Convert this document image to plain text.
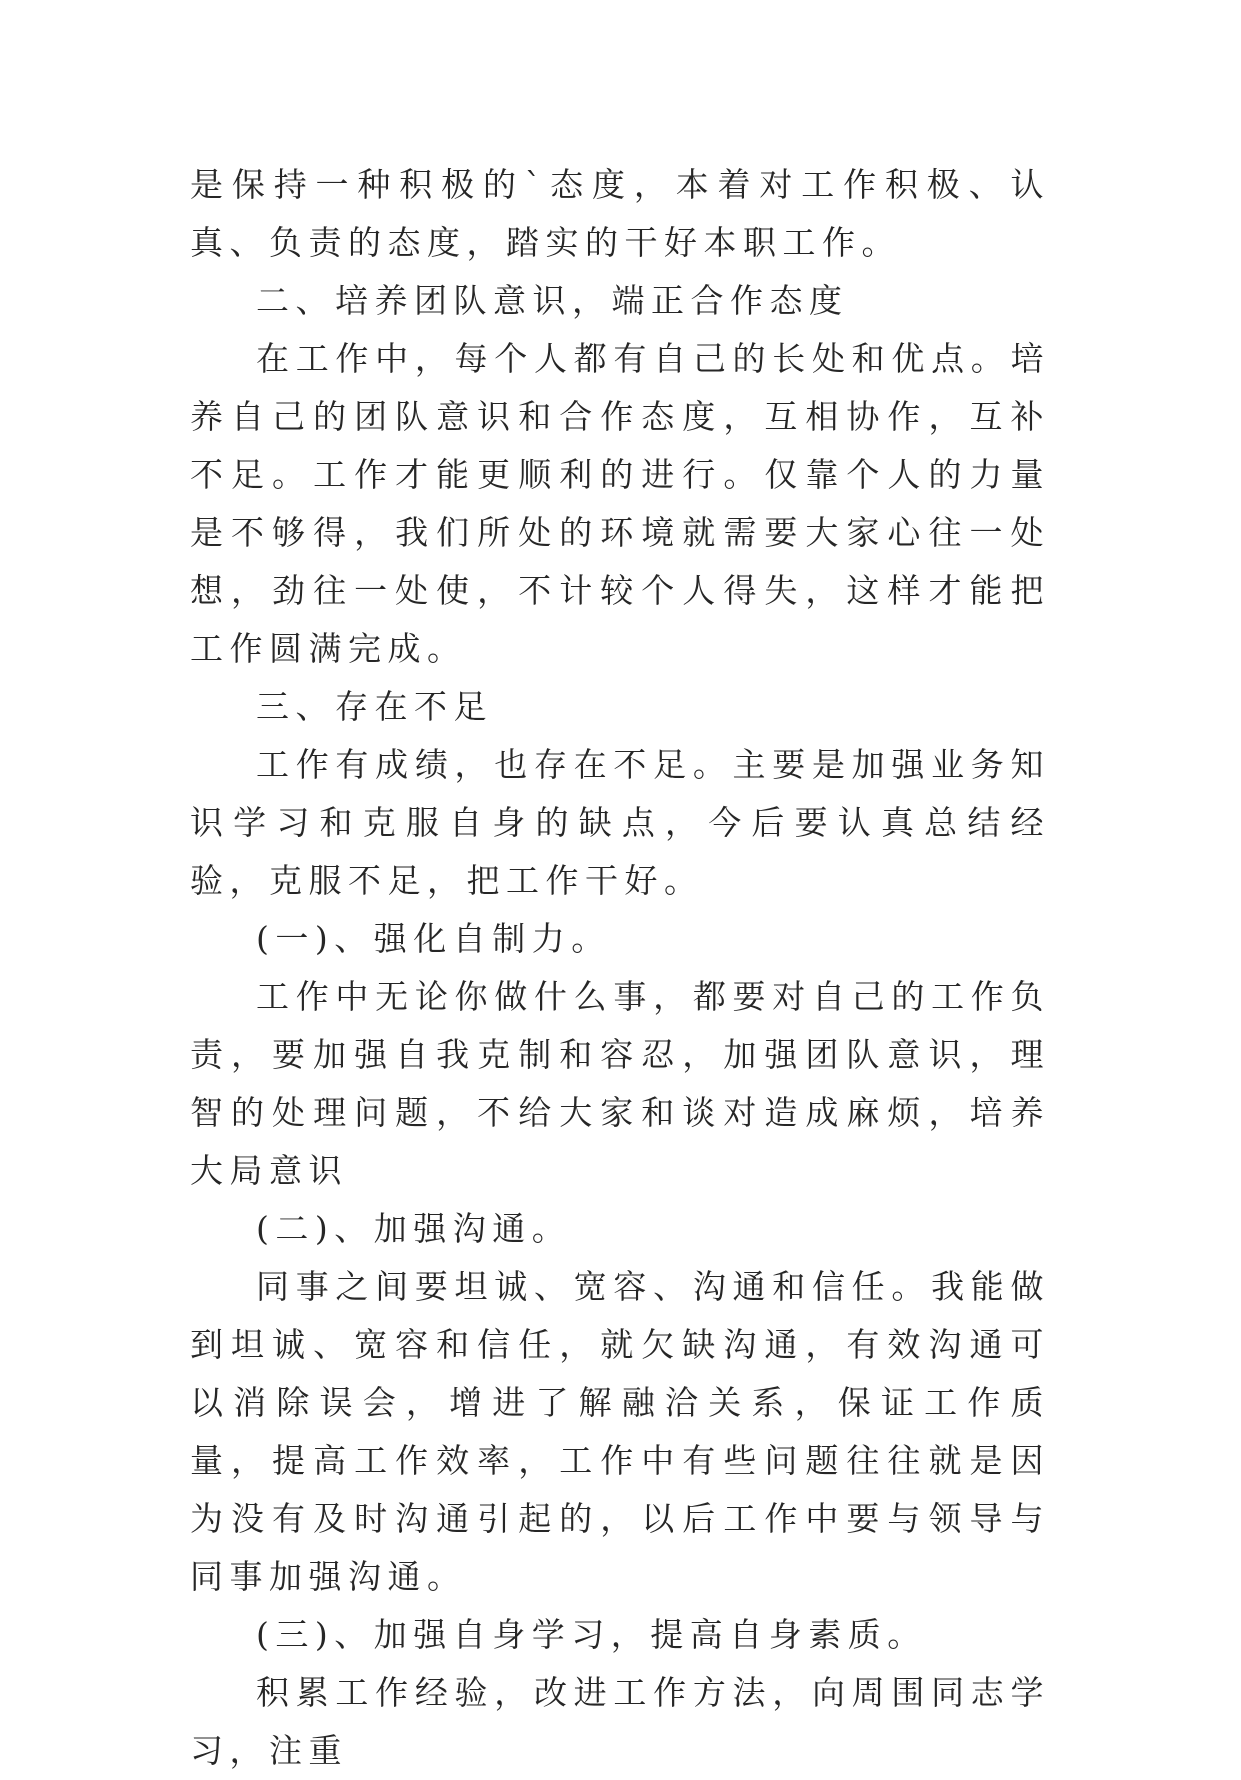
是保持一种积极的`态度，本着对工作积极、认真、负责的态度，踏实的干好本职工作。

二、培养团队意识，端正合作态度

在工作中，每个人都有自己的长处和优点。培养自己的团队意识和合作态度，互相协作，互补不足。工作才能更顺利的进行。仅靠个人的力量是不够得，我们所处的环境就需要大家心往一处想，劲往一处使，不计较个人得失，这样才能把工作圆满完成。

三、存在不足

工作有成绩，也存在不足。主要是加强业务知识学习和克服自身的缺点，今后要认真总结经验，克服不足，把工作干好。

(一)、强化自制力。

工作中无论你做什么事，都要对自己的工作负责，要加强自我克制和容忍，加强团队意识，理智的处理问题，不给大家和谈对造成麻烦，培养大局意识

(二)、加强沟通。

同事之间要坦诚、宽容、沟通和信任。我能做到坦诚、宽容和信任，就欠缺沟通，有效沟通可以消除误会，增进了解融洽关系，保证工作质量，提高工作效率，工作中有些问题往往就是因为没有及时沟通引起的，以后工作中要与领导与同事加强沟通。

(三)、加强自身学习，提高自身素质。

积累工作经验，改进工作方法，向周围同志学习，注重
